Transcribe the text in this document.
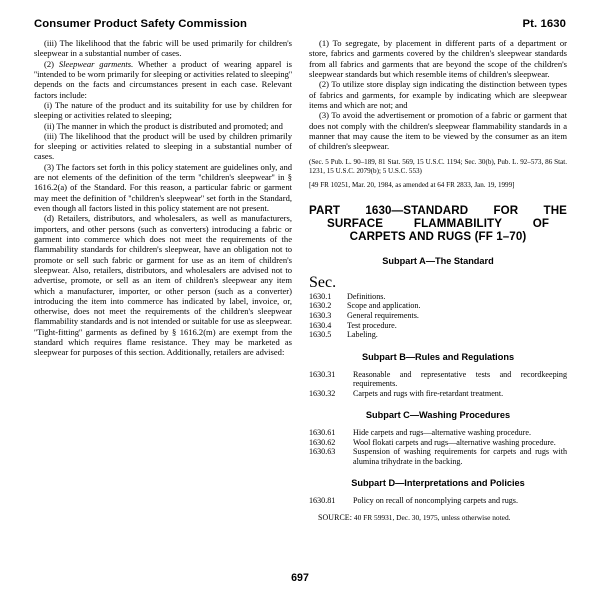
Consumer Product Safety Commission	Pt. 1630

(iii) The likelihood that the fabric will be used primarily for children's sleepwear in a substantial number of cases.

(2) Sleepwear garments. Whether a product of wearing apparel is ''intended to be worn primarily for sleeping or activities related to sleeping'' depends on the facts and circumstances present in each case. Relevant factors include:

(i) The nature of the product and its suitability for use by children for sleeping or activities related to sleeping;

(ii) The manner in which the product is distributed and promoted; and

(iii) The likelihood that the product will be used by children primarily for sleeping or activities related to sleeping in a substantial number of cases.

(3) The factors set forth in this policy statement are guidelines only, and are not elements of the definition of the term ''children's sleepwear'' in § 1616.2(a) of the Standard. For this reason, a particular fabric or garment may meet the definition of ''children's sleepwear'' set forth in the Standard, even though all factors listed in this policy statement are not present.

(d) Retailers, distributors, and wholesalers, as well as manufacturers, importers, and other persons (such as converters) introducing a fabric or garment into commerce which does not meet the requirements of the flammability standards for children's sleepwear, have an obligation not to promote or sell such fabric or garment for use as an item of children's sleepwear. Also, retailers, distributors, and wholesalers are advised not to advertise, promote, or sell as an item of children's sleepwear any item which a manufacturer, importer, or other person (such as a converter) introducing the item into commerce has indicated by label, invoice, or, otherwise, does not meet the requirements of the children's sleepwear flammability standards and is not intended or suitable for use as sleepwear. ''Tight-fitting'' garments as defined by § 1616.2(m) are exempt from the standard which requires flame resistance. They may be marketed as sleepwear for purposes of this section. Additionally, retailers are advised:

(1) To segregate, by placement in different parts of a department or store, fabrics and garments covered by the children's sleepwear standards from all fabrics and garments that are beyond the scope of the children's sleepwear standards but which resemble items of children's sleepwear.

(2) To utilize store display sign indicating the distinction between types of fabrics and garments, for example by indicating which are sleepwear items and which are not; and

(3) To avoid the advertisement or promotion of a fabric or garment that does not comply with the children's sleepwear flammability standards in a manner that may cause the item to be viewed by the consumer as an item of children's sleepwear.

(Sec. 5 Pub. L. 90–189, 81 Stat. 569, 15 U.S.C. 1194; Sec. 30(b), Pub. L. 92–573, 86 Stat. 1231, 15 U.S.C. 2079(b); 5 U.S.C. 553)

[49 FR 10251, Mar. 20, 1984, as amended at 64 FR 2833, Jan. 19, 1999]

PART 1630—STANDARD FOR THE
SURFACE FLAMMABILITY OF
CARPETS AND RUGS (FF 1–70)
Subpart A—The Standard
Sec.
1630.1	Definitions.
1630.2	Scope and application.
1630.3	General requirements.
1630.4	Test procedure.
1630.5	Labeling.
Subpart B—Rules and Regulations
1630.31	Reasonable and representative tests and recordkeeping requirements.
1630.32	Carpets and rugs with fire-retardant treatment.
Subpart C—Washing Procedures
1630.61	Hide carpets and rugs—alternative washing procedure.
1630.62	Wool flokati carpets and rugs—alternative washing procedure.
1630.63	Suspension of washing requirements for carpets and rugs with alumina trihydrate in the backing.
Subpart D—Interpretations and Policies
1630.81	Policy on recall of noncomplying carpets and rugs.

SOURCE: 40 FR 59931, Dec. 30, 1975, unless otherwise noted.

697
